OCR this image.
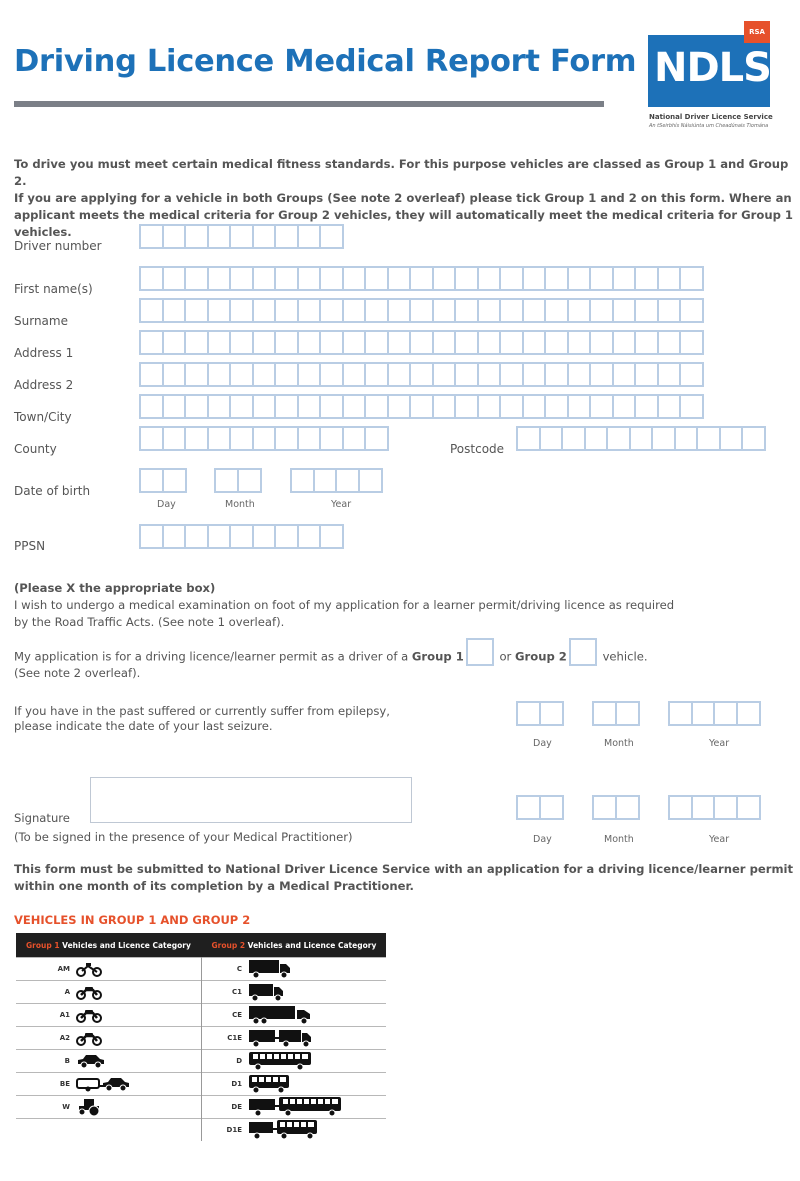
Driving Licence Medical Report Form
RSA
NDLS
National Driver Licence Service
An tSeirbhís Náisiúnta um Cheadúnais Tiomána
To drive you must meet certain medical fitness standards. For this purpose vehicles are classed as Group 1 and Group 2.
If you are applying for a vehicle in both Groups (See note 2 overleaf) please tick Group 1 and 2 on this form. Where an applicant meets the medical criteria for Group 2 vehicles, they will automatically meet the medical criteria for Group 1 vehicles.
Driver number
First name(s)
Surname
Address 1
Address 2
Town/City
County	Postcode
Date of birth
Day	Month	Year
PPSN
(Please X the appropriate box)
I wish to undergo a medical examination on foot of my application for a learner permit/driving licence as required
by the Road Traffic Acts. (See note 1 overleaf).
My application is for a driving licence/learner permit as a driver of a Group 1	or Group 2	vehicle.
(See note 2 overleaf).
If you have in the past suffered or currently suffer from epilepsy,
please indicate the date of your last seizure.
Day	Month	Year
Signature
(To be signed in the presence of your Medical Practitioner)	Day	Month	Year
This form must be submitted to National Driver Licence Service with an application for a driving licence/learner permit
within one month of its completion by a Medical Practitioner.
VEHICLES IN GROUP 1 AND GROUP 2
Group 1 Vehicles and Licence Category	Group 2 Vehicles and Licence Category
AM	C
A	C1
A1	CE
A2	C1E
B	D
BE	D1
W	DE
	D1E
